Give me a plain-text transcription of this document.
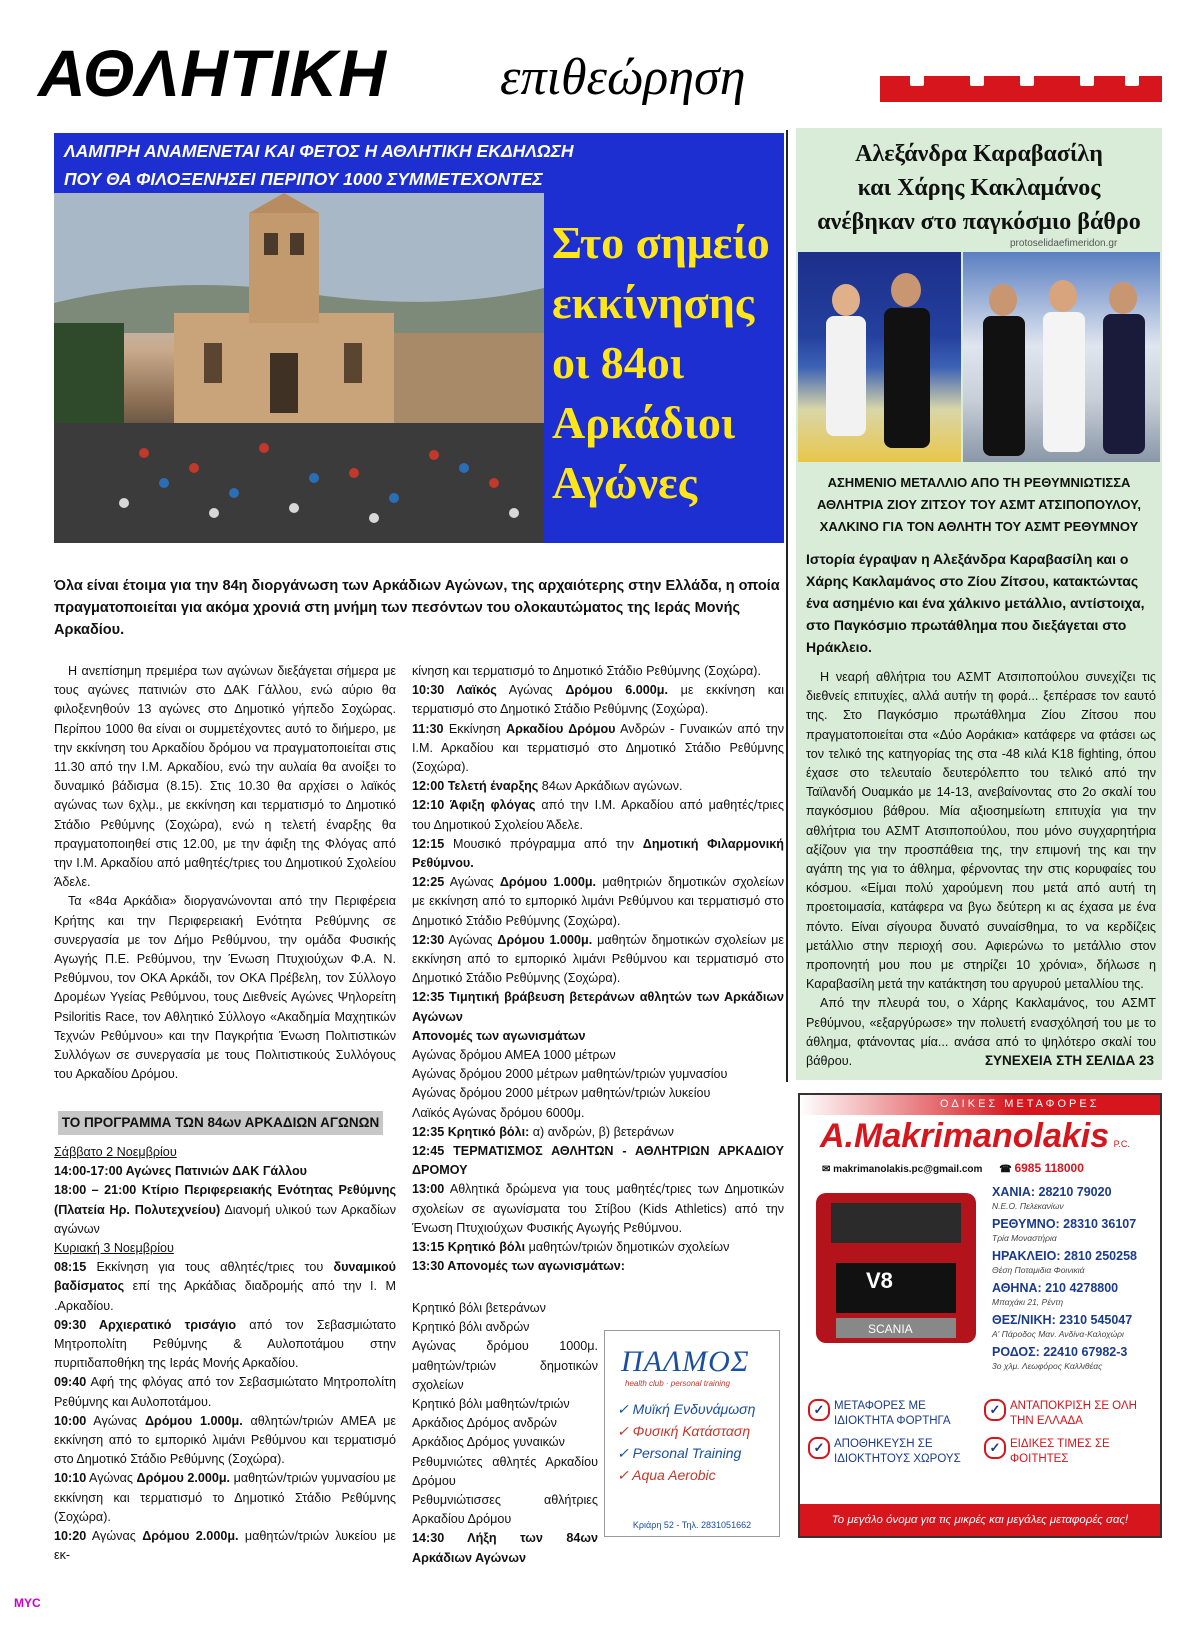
ΑΘΛΗΤΙΚΗ επιθεώρηση
ΛΑΜΠΡΗ ΑΝΑΜΕΝΕΤΑΙ ΚΑΙ ΦΕΤΟΣ Η ΑΘΛΗΤΙΚΗ ΕΚΔΗΛΩΣΗ
ΠΟΥ ΘΑ ΦΙΛΟΞΕΝΗΣΕΙ ΠΕΡΙΠΟΥ 1000 ΣΥΜΜΕΤΕΧΟΝΤΕΣ
Στο σημείο
εκκίνησης
οι 84οι
Αρκάδιοι
Αγώνες
Όλα είναι έτοιμα για την 84η διοργάνωση των Αρκάδιων Αγώνων, της αρχαιότερης στην Ελλάδα, η οποία πραγματοποιείται για ακόμα χρονιά στη μνήμη των πεσόντων του ολοκαυτώματος της Ιεράς Μονής Αρκαδίου.

Η ανεπίσημη πρεμιέρα των αγώνων διεξάγεται σήμερα με τους αγώνες πατινιών στο ΔΑΚ Γάλλου, ενώ αύριο θα φιλοξενηθούν 13 αγώνες στο Δημοτικό γήπεδο Σοχώρας. Περίπου 1000 θα είναι οι συμμετέχοντες αυτό το διήμερο, με την εκκίνηση του Αρκαδίου δρόμου να πραγματοποιείται στις 11.30 από την Ι.Μ. Αρκαδίου, ενώ την αυλαία θα ανοίξει το δυναμικό βάδισμα (8.15). Στις 10.30 θα αρχίσει ο λαϊκός αγώνας των 6χλμ., με εκκίνηση και τερματισμό το Δημοτικό Στάδιο Ρεθύμνης (Σοχώρα), ενώ η τελετή έναρξης θα πραγματοποιηθεί στις 12.00, με την άφιξη της Φλόγας από την Ι.Μ. Αρκαδίου από μαθητές/τριες του Δημοτικού Σχολείου Άδελε.

Τα «84α Αρκάδια» διοργανώνονται από την Περιφέρεια Κρήτης και την Περιφερειακή Ενότητα Ρεθύμνης σε συνεργασία με τον Δήμο Ρεθύμνου, την ομάδα Φυσικής Αγωγής Π.Ε. Ρεθύμνου, την Ένωση Πτυχιούχων Φ.Α. Ν. Ρεθύμνου, τον ΟΚΑ Αρκάδι, τον ΟΚΑ Πρέβελη, τον Σύλλογο Δρομέων Υγείας Ρεθύμνου, τους Διεθνείς Αγώνες Ψηλορείτη Psiloritis Race, τον Αθλητικό Σύλλογο «Ακαδημία Μαχητικών Τεχνών Ρεθύμνου» και την Παγκρήτια Ένωση Πολιτιστικών Συλλόγων σε συνεργασία με τους Πολιτιστικούς Συλλόγους του Αρκαδίου Δρόμου.

ΤΟ ΠΡΟΓΡΑΜΜΑ ΤΩΝ 84ων ΑΡΚΑΔΙΩΝ ΑΓΩΝΩΝ
Σάββατο 2 Νοεμβρίου
14:00-17:00 Αγώνες Πατινιών ΔΑΚ Γάλλου
18:00 – 21:00 Κτίριο Περιφερειακής Ενότητας Ρεθύμνης (Πλατεία Ηρ. Πολυτεχνείου) Διανομή υλικού των Αρκαδίων αγώνων
Κυριακή 3 Νοεμβρίου
08:15 Εκκίνηση για τους αθλητές/τριες του δυναμικού βαδίσματος επί της Αρκάδιας διαδρομής από την Ι. Μ .Αρκαδίου.
09:30 Αρχιερατικό τρισάγιο από τον Σεβασμιώτατο Μητροπολίτη Ρεθύμνης & Αυλοποτάμου στην πυριτιδαποθήκη της Ιεράς Μονής Αρκαδίου.
09:40 Αφή της φλόγας από τον Σεβασμιώτατο Μητροπολίτη Ρεθύμνης και Αυλοποτάμου.
10:00 Αγώνας Δρόμου 1.000μ. αθλητών/τριών ΑΜΕΑ με εκκίνηση από το εμπορικό λιμάνι Ρεθύμνου και τερματισμό στο Δημοτικό Στάδιο Ρεθύμνης (Σοχώρα).
10:10 Αγώνας Δρόμου 2.000μ. μαθητών/τριών γυμνασίου με εκκίνηση και τερματισμό το Δημοτικό Στάδιο Ρεθύμνης (Σοχώρα).
10:20 Αγώνας Δρόμου 2.000μ. μαθητών/τριών λυκείου με εκ-
κίνηση και τερματισμό το Δημοτικό Στάδιο Ρεθύμνης (Σοχώρα).
10:30 Λαϊκός Αγώνας Δρόμου 6.000μ. με εκκίνηση και τερματισμό στο Δημοτικό Στάδιο Ρεθύμνης (Σοχώρα).
11:30 Εκκίνηση Αρκαδίου Δρόμου Ανδρών - Γυναικών από την Ι.Μ. Αρκαδίου και τερματισμό στο Δημοτικό Στάδιο Ρεθύμνης (Σοχώρα).
12:00 Τελετή έναρξης 84ων Αρκάδιων αγώνων.
12:10 Άφιξη φλόγας από την Ι.Μ. Αρκαδίου από μαθητές/τριες του Δημοτικού Σχολείου Άδελε.
12:15 Μουσικό πρόγραμμα από την Δημοτική Φιλαρμονική Ρεθύμνου.
12:25 Αγώνας Δρόμου 1.000μ. μαθητριών δημοτικών σχολείων με εκκίνηση από το εμπορικό λιμάνι Ρεθύμνου και τερματισμό στο Δημοτικό Στάδιο Ρεθύμνης (Σοχώρα).
12:30 Αγώνας Δρόμου 1.000μ. μαθητών δημοτικών σχολείων με εκκίνηση από το εμπορικό λιμάνι Ρεθύμνου και τερματισμό στο Δημοτικό Στάδιο Ρεθύμνης (Σοχώρα).
12:35 Τιμητική βράβευση βετεράνων αθλητών των Αρκάδιων Αγώνων
Απονομές των αγωνισμάτων
Αγώνας δρόμου ΑΜΕΑ 1000 μέτρων
Αγώνας δρόμου 2000 μέτρων μαθητών/τριών γυμνασίου
Αγώνας δρόμου 2000 μέτρων μαθητών/τριών λυκείου
Λαϊκός Αγώνας δρόμου 6000μ.
12:35 Κρητικό βόλι: α) ανδρών, β) βετεράνων
12:45 ΤΕΡΜΑΤΙΣΜΟΣ ΑΘΛΗΤΩΝ - ΑΘΛΗΤΡΙΩΝ ΑΡΚΑΔΙΟΥ ΔΡΟΜΟΥ
13:00 Αθλητικά δρώμενα για τους μαθητές/τριες των Δημοτικών σχολείων σε αγωνίσματα του Στίβου (Kids Athletics) από την Ένωση Πτυχιούχων Φυσικής Αγωγής Ρεθύμνου.
13:15 Κρητικό βόλι μαθητών/τριών δημοτικών σχολείων
13:30 Απονομές των αγωνισμάτων:
Κρητικό βόλι βετεράνων
Κρητικό βόλι ανδρών
Αγώνας δρόμου 1000μ. μαθητών/τριών δημοτικών σχολείων
Κρητικό βόλι μαθητών/τριών
Αρκάδιος Δρόμος ανδρών
Αρκάδιος Δρόμος γυναικών
Ρεθυμνιώτες αθλητές Αρκαδίου Δρόμου
Ρεθυμνιώτισσες αθλήτριες Αρκαδίου Δρόμου
14:30 Λήξη των 84ων Αρκάδιων Αγώνων
Αλεξάνδρα Καραβασίλη
και Χάρης Κακλαμάνος
ανέβηκαν στο παγκόσμιο βάθρο
protoselidaefimeridon.gr
ΑΣΗΜΕΝΙΟ ΜΕΤΑΛΛΙΟ ΑΠΟ ΤΗ ΡΕΘΥΜΝΙΩΤΙΣΣΑ
ΑΘΛΗΤΡΙΑ ΖΙΟΥ ΖΙΤΣΟΥ ΤΟΥ ΑΣΜΤ ΑΤΣΙΠΟΠΟΥΛΟΥ,
ΧΑΛΚΙΝΟ ΓΙΑ ΤΟΝ ΑΘΛΗΤΗ ΤΟΥ ΑΣΜΤ ΡΕΘΥΜΝΟΥ
Ιστορία έγραψαν η Αλεξάνδρα Καραβασίλη και ο Χάρης Κακλαμάνος στο Ζίου Ζίτσου, κατακτώντας ένα ασημένιο και ένα χάλκινο μετάλλιο, αντίστοιχα, στο Παγκόσμιο πρωτάθλημα που διεξάγεται στο Ηράκλειο.

Η νεαρή αθλήτρια του ΑΣΜΤ Ατσιποπούλου συνεχίζει τις διεθνείς επιτυχίες, αλλά αυτήν τη φορά... ξεπέρασε τον εαυτό της. Στο Παγκόσμιο πρωτάθλημα Ζίου Ζίτσου που πραγματοποιείται στα «Δύο Αοράκια» κατάφερε να φτάσει ως τον τελικό της κατηγορίας της στα -48 κιλά K18 fighting, όπου έχασε στο τελευταίο δευτερόλεπτο του τελικό από την Ταϊλανδή Ουαμκάο με 14-13, ανεβαίνοντας στο 2ο σκαλί του παγκόσμιου βάθρου. Μία αξιοσημείωτη επιτυχία για την αθλήτρια του ΑΣΜΤ Ατσιποπούλου, που μόνο συγχαρητήρια αξίζουν για την προσπάθεια της, την επιμονή της και την αγάπη της για το άθλημα, φέρνοντας την στις κορυφαίες του κόσμου. «Είμαι πολύ χαρούμενη που μετά από αυτή τη προετοιμασία, κατάφερα να βγω δεύτερη κι ας έχασα με ένα πόντο. Είναι σίγουρα δυνατό συναίσθημα, το να κερδίζεις μετάλλιο στην περιοχή σου. Αφιερώνω το μετάλλιο στον προπονητή μου που με στηρίζει 10 χρόνια», δήλωσε η Καραβασίλη μετά την κατάκτηση του αργυρού μεταλλίου της.

Από την πλευρά του, ο Χάρης Κακλαμάνος, του ΑΣΜΤ Ρεθύμνου, «εξαργύρωσε» την πολυετή ενασχόλησή του με το άθλημα, φτάνοντας μία... ανάσα από το ψηλότερο σκαλί του βάθρου.	ΣΥΝΕΧΕΙΑ ΣΤΗ ΣΕΛΙΔΑ 23
ΠΑΛΜΟΣ
health club · personal training
✓ Μυϊκή Ενδυνάμωση
✓ Φυσική Κατάσταση
✓ Personal Training
✓ Aqua Aerobic
Κριάρη 52 - Τηλ. 2831051662
ΟΔΙΚΕΣ ΜΕΤΑΦΟΡΕΣ
A.Makrimanolakis P.C.
✉ makrimanolakis.pc@gmail.com ☎ 6985 118000
V8
SCANIA
ΧΑΝΙΑ: 28210 79020
Ν.Ε.Ο. Πελεκανίων
ΡΕΘΥΜΝΟ: 28310 36107
Τρία Μοναστήρια
ΗΡΑΚΛΕΙΟ: 2810 250258
Θέση Ποταμιδια Φοινικιά
ΑΘΗΝΑ: 210 4278800
Μπαχάκι 21, Ρέντη
ΘΕΣ/ΝΙΚΗ: 2310 545047
Α' Πάροδος Μαν. Ανδίνα-Καλοχώρι
ΡΟΔΟΣ: 22410 67982-3
3ο χλμ. Λεωφόρος Καλλιθέας
✓ ΜΕΤΑΦΟΡΕΣ ΜΕ ΙΔΙΟΚΤΗΤΑ ΦΟΡΤΗΓΑ✓ ΑΝΤΑΠΟΚΡΙΣΗ ΣΕ ΟΛΗ ΤΗΝ ΕΛΛΑΔΑ✓ ΑΠΟΘΗΚΕΥΣΗ ΣΕ ΙΔΙΟΚΤΗΤΟΥΣ ΧΩΡΟΥΣ✓ ΕΙΔΙΚΕΣ ΤΙΜΕΣ ΣΕ ΦΟΙΤΗΤΕΣ
Το μεγάλο όνομα για τις μικρές και μεγάλες μεταφορές σας!
MYC
